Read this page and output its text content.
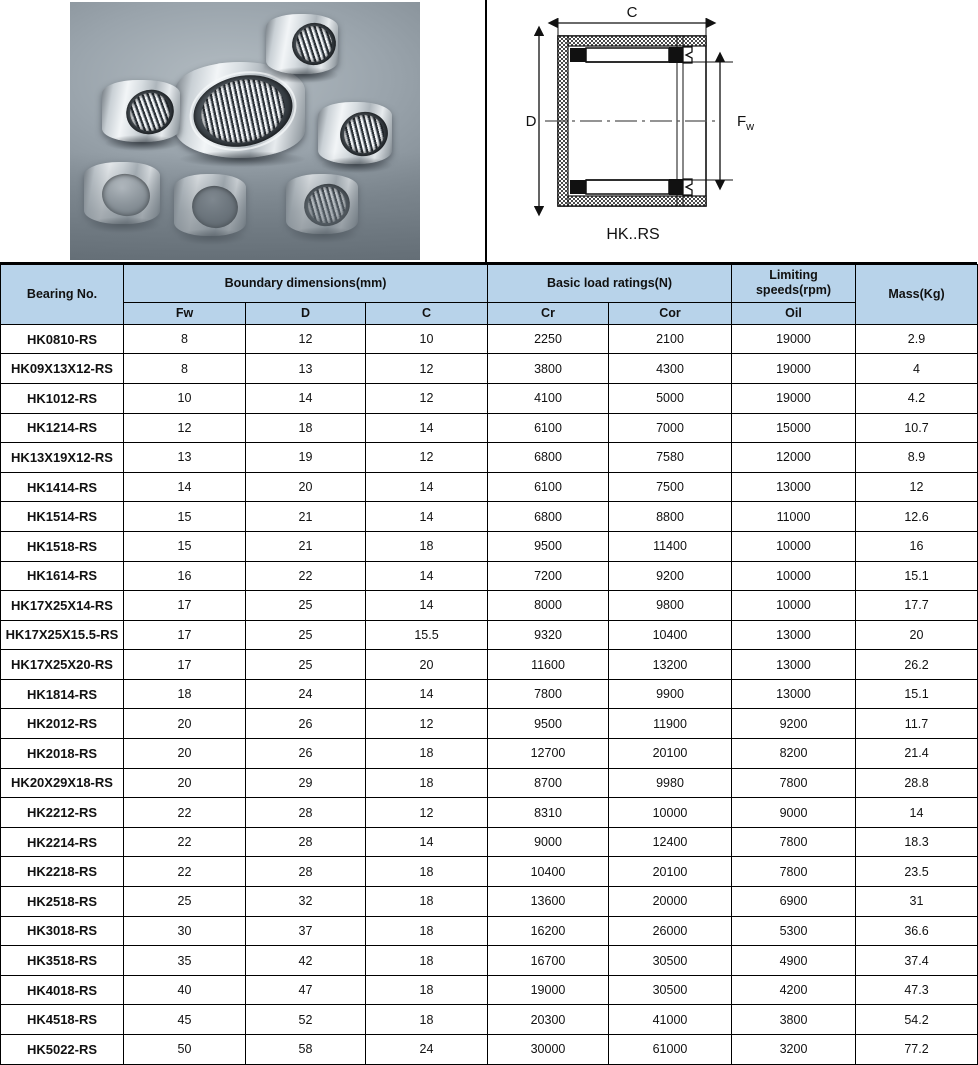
C
D	$F_w$
HK..RS
Bearing No.	Boundary dimensions(mm)			Basic load ratings(N)		Limiting
speeds(rpm)	Mass(Kg)
	Fw	D	C	Cr	Cor	Oil	
HK0810-RS	8	12	10	2250	2100	19000	2.9
HK09X13X12-RS	8	13	12	3800	4300	19000	4
HK1012-RS	10	14	12	4100	5000	19000	4.2
HK1214-RS	12	18	14	6100	7000	15000	10.7
HK13X19X12-RS	13	19	12	6800	7580	12000	8.9
HK1414-RS	14	20	14	6100	7500	13000	12
HK1514-RS	15	21	14	6800	8800	11000	12.6
HK1518-RS	15	21	18	9500	11400	10000	16
HK1614-RS	16	22	14	7200	9200	10000	15.1
HK17X25X14-RS	17	25	14	8000	9800	10000	17.7
HK17X25X15.5-RS	17	25	15.5	9320	10400	13000	20
HK17X25X20-RS	17	25	20	11600	13200	13000	26.2
HK1814-RS	18	24	14	7800	9900	13000	15.1
HK2012-RS	20	26	12	9500	11900	9200	11.7
HK2018-RS	20	26	18	12700	20100	8200	21.4
HK20X29X18-RS	20	29	18	8700	9980	7800	28.8
HK2212-RS	22	28	12	8310	10000	9000	14
HK2214-RS	22	28	14	9000	12400	7800	18.3
HK2218-RS	22	28	18	10400	20100	7800	23.5
HK2518-RS	25	32	18	13600	20000	6900	31
HK3018-RS	30	37	18	16200	26000	5300	36.6
HK3518-RS	35	42	18	16700	30500	4900	37.4
HK4018-RS	40	47	18	19000	30500	4200	47.3
HK4518-RS	45	52	18	20300	41000	3800	54.2
HK5022-RS	50	58	24	30000	61000	3200	77.2
